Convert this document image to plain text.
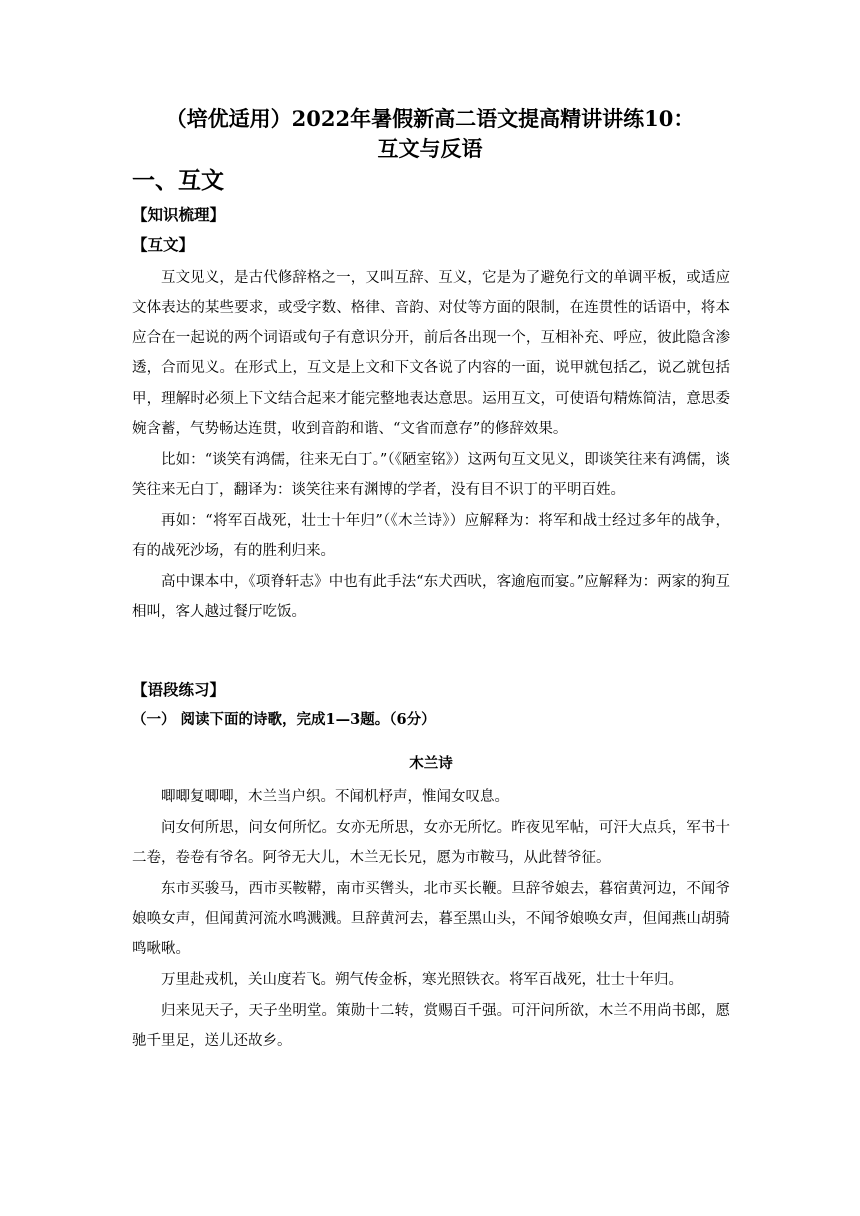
（培优适用）2022年暑假新高二语文提高精讲讲练10：
互文与反语
一、互文
【知识梳理】
【互文】

互文见义，是古代修辞格之一，又叫互辞、互义，它是为了避免行文的单调平板，或适应文体表达的某些要求，或受字数、格律、音韵、对仗等方面的限制，在连贯性的话语中，将本应合在一起说的两个词语或句子有意识分开，前后各出现一个，互相补充、呼应，彼此隐含渗透，合而见义。在形式上，互文是上文和下文各说了内容的一面，说甲就包括乙，说乙就包括甲，理解时必须上下文结合起来才能完整地表达意思。运用互文，可使语句精炼简洁，意思委婉含蓄，气势畅达连贯，收到音韵和谐、“文省而意存”的修辞效果。

比如：“谈笑有鸿儒，往来无白丁。”（《陋室铭》）这两句互文见义，即谈笑往来有鸿儒，谈笑往来无白丁，翻译为：谈笑往来有渊博的学者，没有目不识丁的平明百姓。

再如：“将军百战死，壮士十年归”（《木兰诗》）应解释为：将军和战士经过多年的战争，有的战死沙场，有的胜利归来。

高中课本中，《项脊轩志》中也有此手法“东犬西吠，客逾庖而宴。”应解释为：两家的狗互相叫，客人越过餐厅吃饭。

【语段练习】
（一） 阅读下面的诗歌，完成1—3题。（6分）
木兰诗

唧唧复唧唧，木兰当户织。不闻机杼声，惟闻女叹息。

问女何所思，问女何所忆。女亦无所思，女亦无所忆。昨夜见军帖，可汗大点兵，军书十二卷，卷卷有爷名。阿爷无大儿，木兰无长兄，愿为市鞍马，从此替爷征。

东市买骏马，西市买鞍鞯，南市买辔头，北市买长鞭。旦辞爷娘去，暮宿黄河边，不闻爷娘唤女声，但闻黄河流水鸣溅溅。旦辞黄河去，暮至黑山头，不闻爷娘唤女声，但闻燕山胡骑鸣啾啾。

万里赴戎机，关山度若飞。朔气传金柝，寒光照铁衣。将军百战死，壮士十年归。

归来见天子，天子坐明堂。策勋十二转，赏赐百千强。可汗问所欲，木兰不用尚书郎，愿驰千里足，送儿还故乡。
